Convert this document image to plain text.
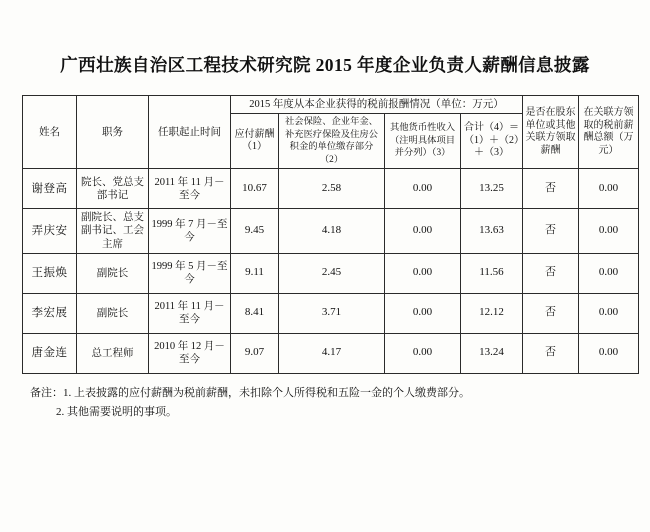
广西壮族自治区工程技术研究院 2015 年度企业负责人薪酬信息披露
姓名	职务	任职起止时间	2015 年度从本企业获得的税前报酬情况（单位：万元）				是否在股东单位或其他关联方领取薪酬	在关联方领取的税前薪酬总额（万元）
			应付薪酬（1）	社会保险、企业年金、补充医疗保险及住房公积金的单位缴存部分（2）	其他货币性收入（注明具体项目并分列）（3）	合计（4）＝（1）＋（2）＋（3）		
谢登高	院长、党总支部书记	2011 年 11 月－至今	10.67	2.58	0.00	13.25	否	0.00
弄庆安	副院长、总支副书记、工会主席	1999 年 7 月－至今	9.45	4.18	0.00	13.63	否	0.00
王振焕	副院长	1999 年 5 月－至今	9.11	2.45	0.00	11.56	否	0.00
李宏展	副院长	2011 年 11 月－至今	8.41	3.71	0.00	12.12	否	0.00
唐金连	总工程师	2010 年 12 月－至今	9.07	4.17	0.00	13.24	否	0.00
备注：1. 上表披露的应付薪酬为税前薪酬，未扣除个人所得税和五险一金的个人缴费部分。
2. 其他需要说明的事项。
